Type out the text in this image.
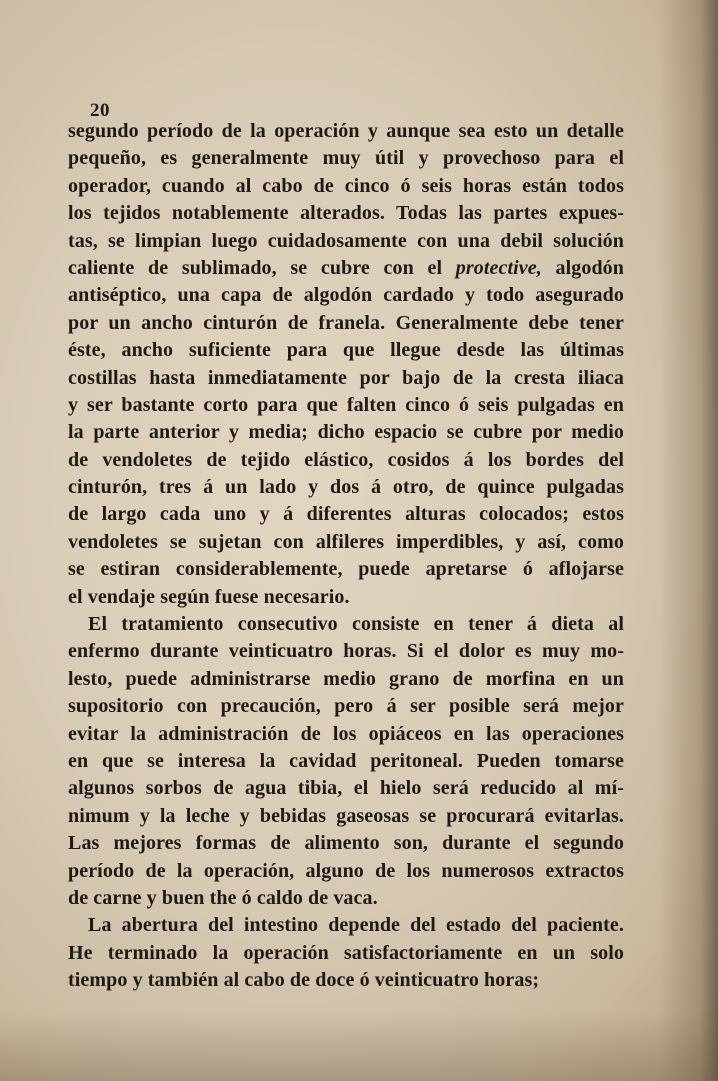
20
segundo período de la operación y aunque sea esto un detalle
pequeño, es generalmente muy útil y provechoso para el
operador, cuando al cabo de cinco ó seis horas están todos
los tejidos notablemente alterados. Todas las partes expues-
tas, se limpian luego cuidadosamente con una debil solución
caliente de sublimado, se cubre con el protective, algodón
antiséptico, una capa de algodón cardado y todo asegurado
por un ancho cinturón de franela. Generalmente debe tener
éste, ancho suficiente para que llegue desde las últimas
costillas hasta inmediatamente por bajo de la cresta iliaca
y ser bastante corto para que falten cinco ó seis pulgadas en
la parte anterior y media; dicho espacio se cubre por medio
de vendoletes de tejido elástico, cosidos á los bordes del
cinturón, tres á un lado y dos á otro, de quince pulgadas
de largo cada uno y á diferentes alturas colocados; estos
vendoletes se sujetan con alfileres imperdibles, y así, como
se estiran considerablemente, puede apretarse ó aflojarse
el vendaje según fuese necesario.
El tratamiento consecutivo consiste en tener á dieta al
enfermo durante veinticuatro horas. Si el dolor es muy mo-
lesto, puede administrarse medio grano de morfina en un
supositorio con precaución, pero á ser posible será mejor
evitar la administración de los opiáceos en las operaciones
en que se interesa la cavidad peritoneal. Pueden tomarse
algunos sorbos de agua tibia, el hielo será reducido al mí-
nimum y la leche y bebidas gaseosas se procurará evitarlas.
Las mejores formas de alimento son, durante el segundo
período de la operación, alguno de los numerosos extractos
de carne y buen the ó caldo de vaca.
La abertura del intestino depende del estado del paciente.
He terminado la operación satisfactoriamente en un solo
tiempo y también al cabo de doce ó veinticuatro horas;
